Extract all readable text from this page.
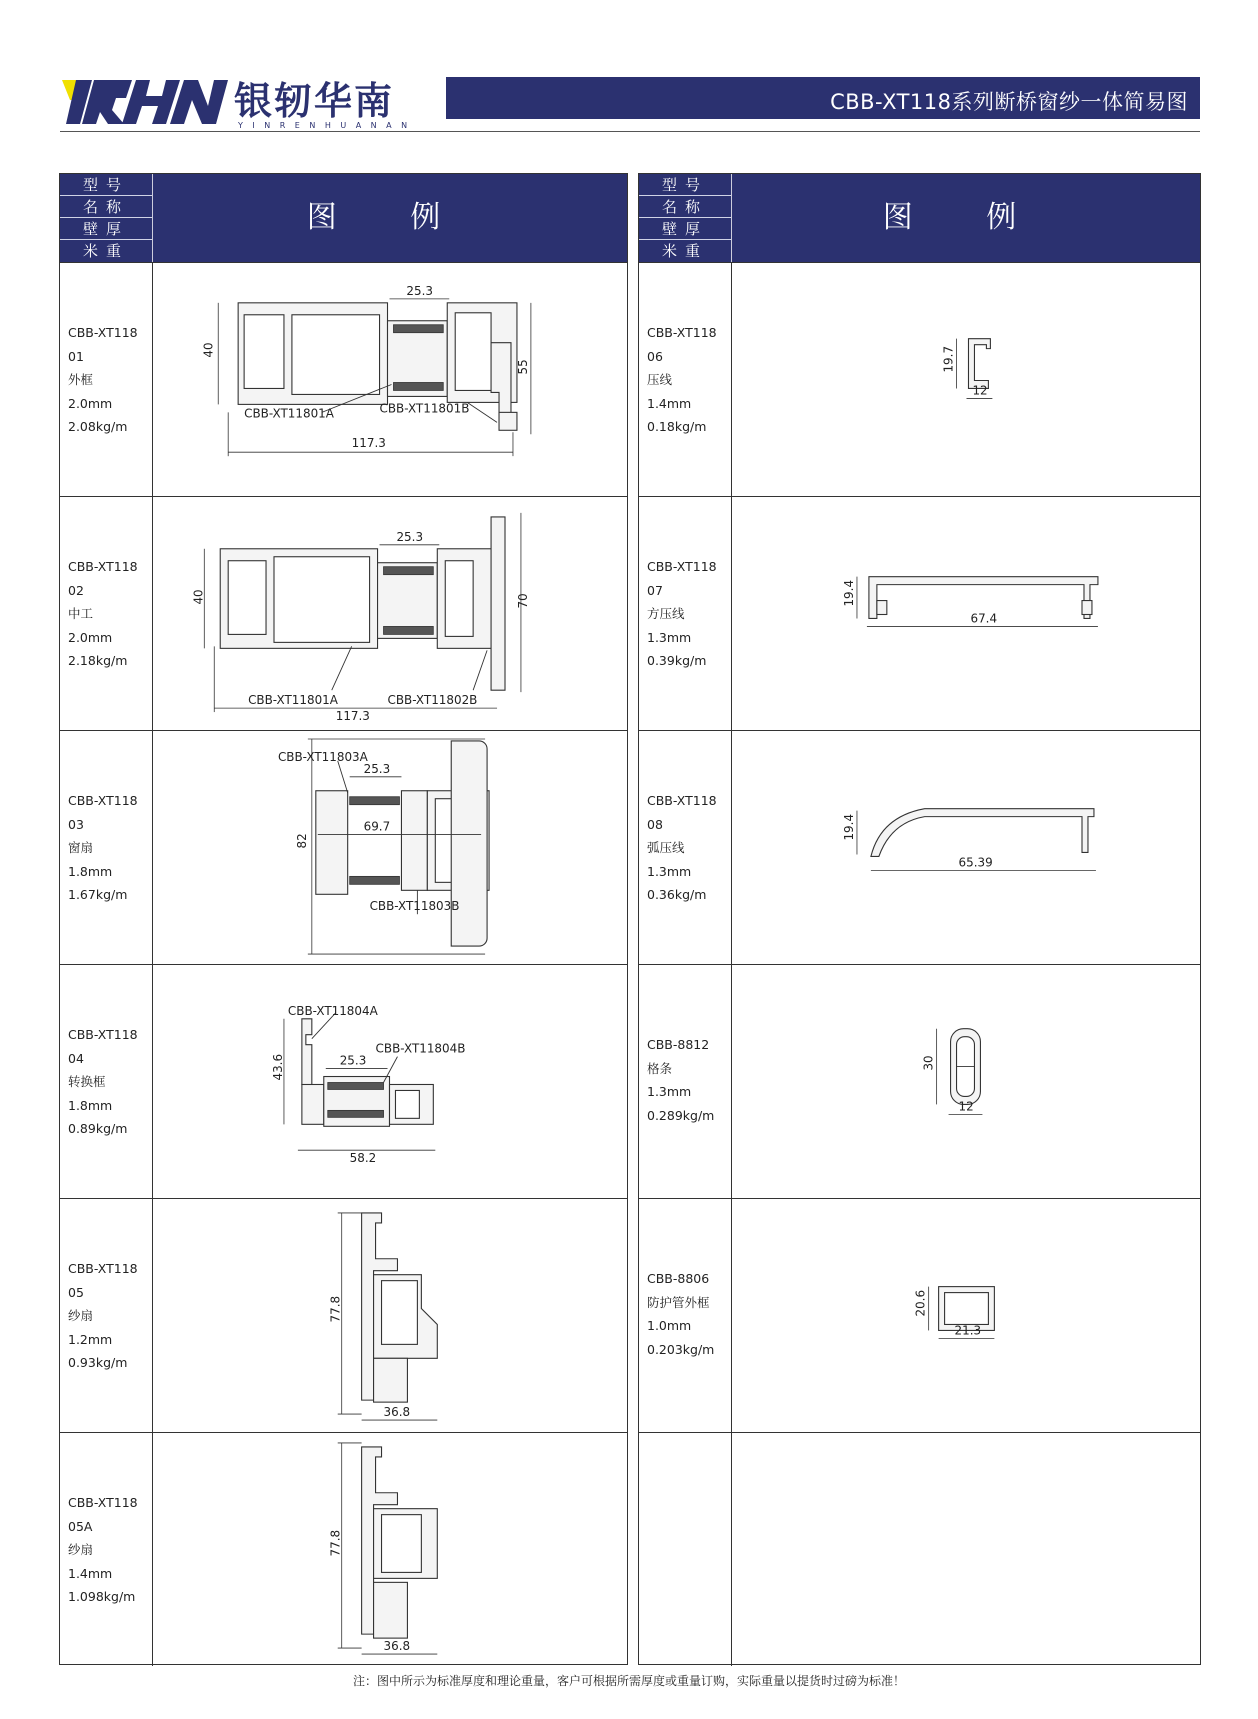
银轫华南
YINRENHUANAN
CBB-XT118系列断桥窗纱一体简易图
型号
名称
壁厚
米重
图 例
CBB-XT118
01
外框
2.0mm
2.08kg/m
40
25.3
55
117.3
CBB-XT11801A	CBB-XT11801B
CBB-XT118
02
中工
2.0mm
2.18kg/m
40
25.3
70
117.3
CBB-XT11801A	CBB-XT11802B
CBB-XT118
03
窗扇
1.8mm
1.67kg/m
82
25.3
69.7
CBB-XT11803A
CBB-XT11803B
CBB-XT118
04
转换框
1.8mm
0.89kg/m
43.6	25.3
58.2
CBB-XT11804A
CBB-XT11804B
CBB-XT118
05
纱扇
1.2mm
0.93kg/m
77.8
36.8
CBB-XT118
05A
纱扇
1.4mm
1.098kg/m
77.8
36.8
型号
名称
壁厚
米重
图 例
CBB-XT118
06
压线
1.4mm
0.18kg/m
19.7
12
CBB-XT118
07
方压线
1.3mm
0.39kg/m
19.4
67.4
CBB-XT118
08
弧压线
1.3mm
0.36kg/m
19.4
65.39
CBB-8812
格条
1.3mm
0.289kg/m
30
12
CBB-8806
防护管外框
1.0mm
0.203kg/m
20.6
21.3
注：图中所示为标准厚度和理论重量，客户可根据所需厚度或重量订购，实际重量以提货时过磅为标准！
